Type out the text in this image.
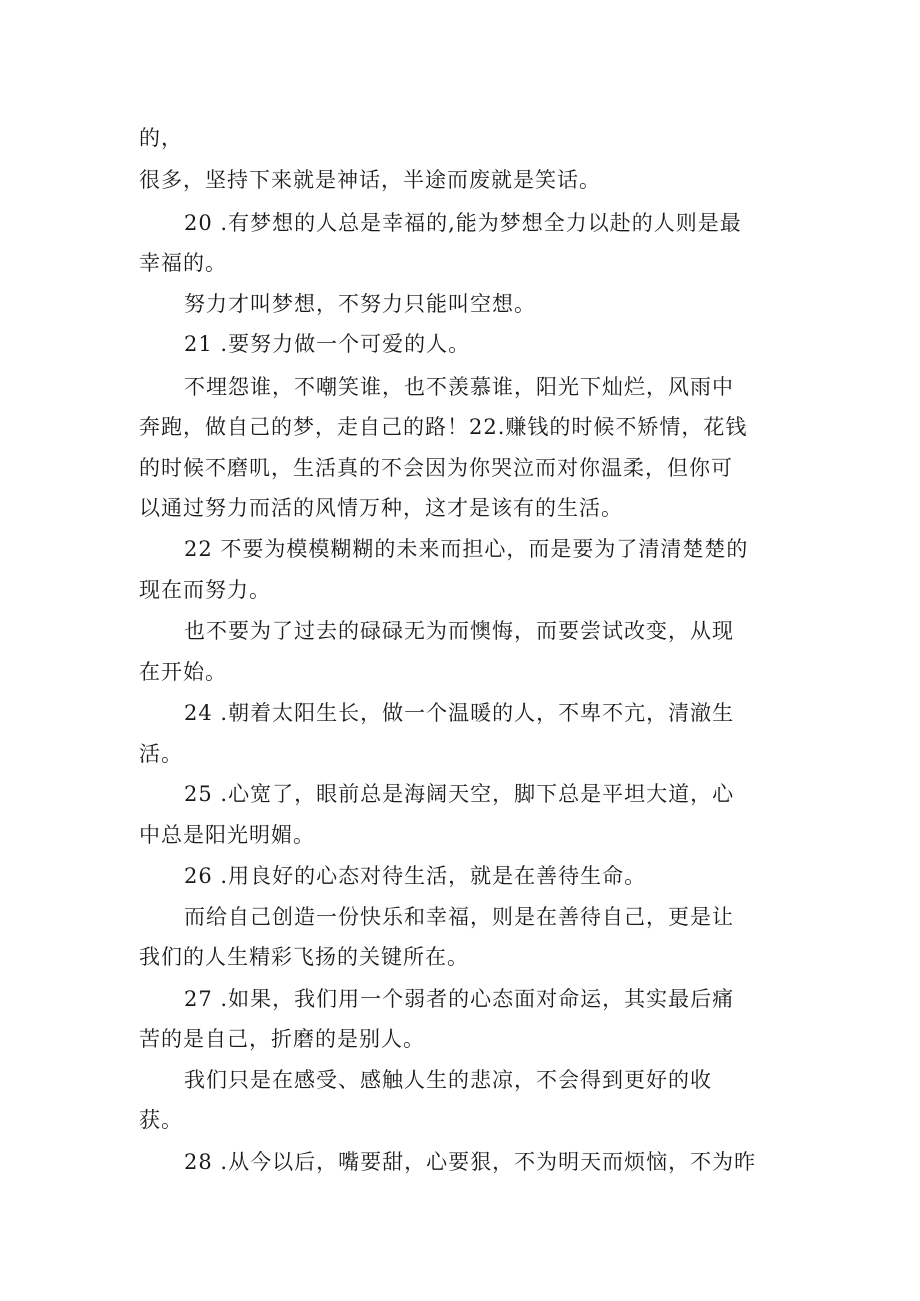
的，
很多，坚持下来就是神话，半途而废就是笑话。
20 .有梦想的人总是幸福的,能为梦想全力以赴的人则是最
幸福的。
努力才叫梦想，不努力只能叫空想。
21 .要努力做一个可爱的人。
不埋怨谁，不嘲笑谁，也不羡慕谁，阳光下灿烂，风雨中
奔跑，做自己的梦，走自己的路！22.赚钱的时候不矫情，花钱
的时候不磨叽，生活真的不会因为你哭泣而对你温柔，但你可
以通过努力而活的风情万种，这才是该有的生活。
22 不要为模模糊糊的未来而担心，而是要为了清清楚楚的
现在而努力。
也不要为了过去的碌碌无为而懊悔，而要尝试改变，从现
在开始。
24 .朝着太阳生长，做一个温暖的人，不卑不亢，清澈生
活。
25 .心宽了，眼前总是海阔天空，脚下总是平坦大道，心
中总是阳光明媚。
26 .用良好的心态对待生活，就是在善待生命。
而给自己创造一份快乐和幸福，则是在善待自己，更是让
我们的人生精彩飞扬的关键所在。
27 .如果，我们用一个弱者的心态面对命运，其实最后痛
苦的是自己，折磨的是别人。
我们只是在感受、感触人生的悲凉，不会得到更好的收
获。
28 .从今以后，嘴要甜，心要狠，不为明天而烦恼，不为昨
